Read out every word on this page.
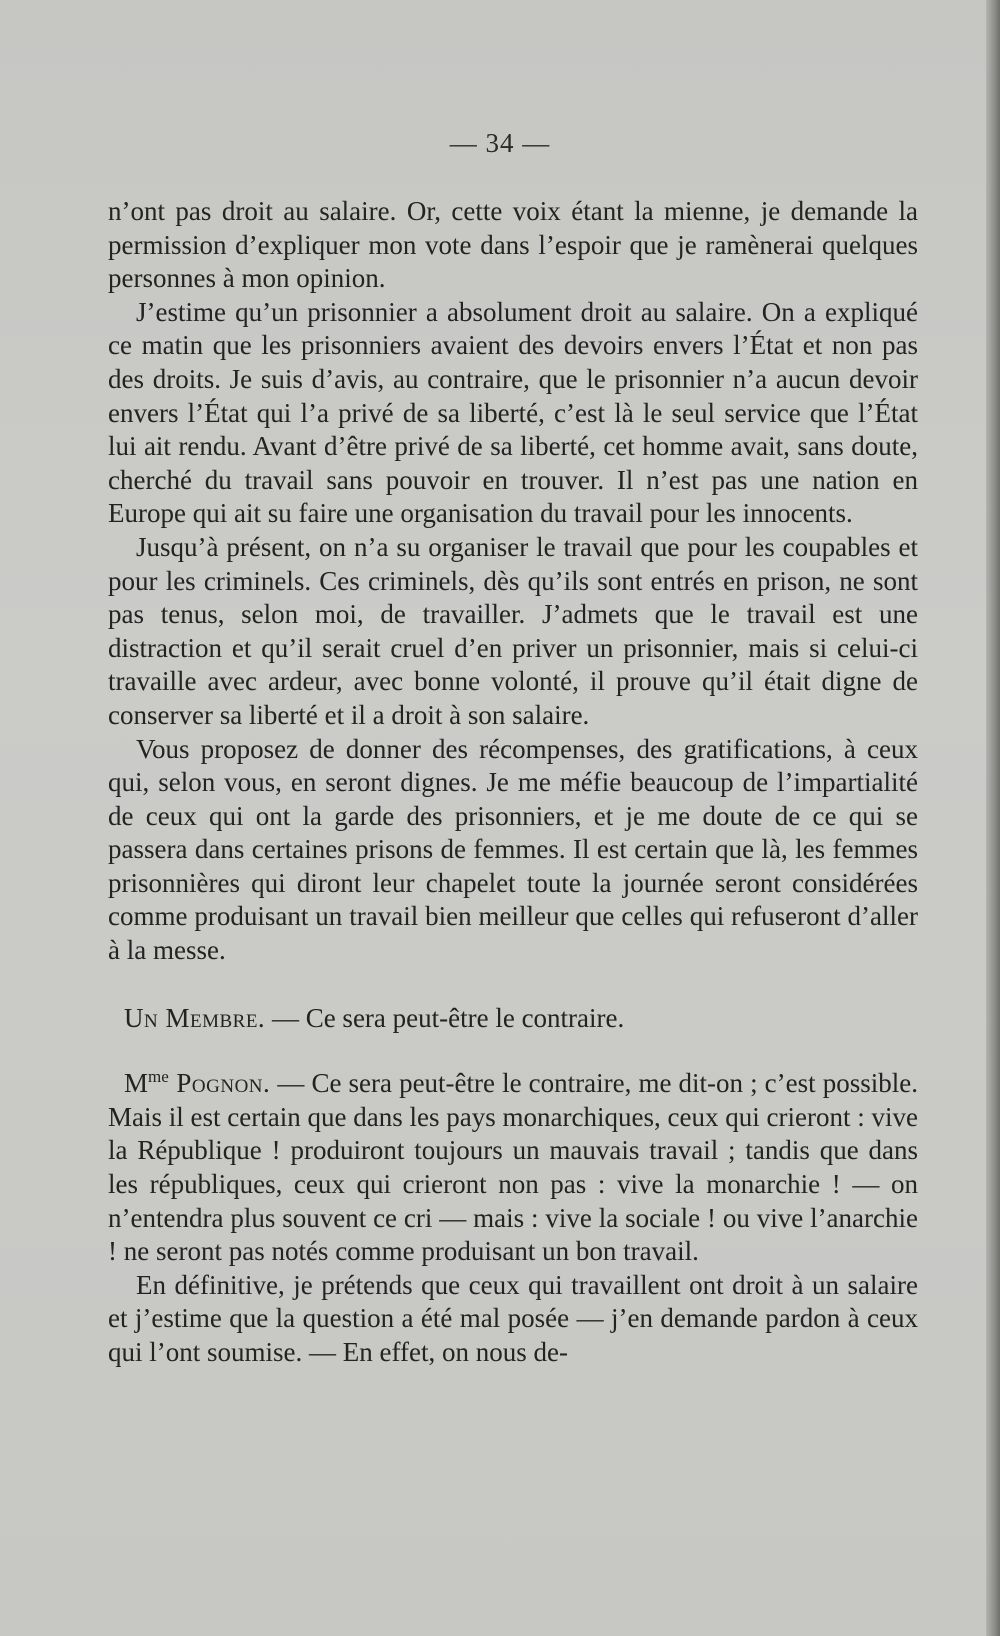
— 34 —

n’ont pas droit au salaire. Or, cette voix étant la mienne, je demande la permission d’expliquer mon vote dans l’espoir que je ramènerai quelques personnes à mon opinion.

J’estime qu’un prisonnier a absolument droit au salaire. On a expliqué ce matin que les prisonniers avaient des devoirs envers l’État et non pas des droits. Je suis d’avis, au contraire, que le prisonnier n’a aucun devoir envers l’État qui l’a privé de sa liberté, c’est là le seul service que l’État lui ait rendu. Avant d’être privé de sa liberté, cet homme avait, sans doute, cherché du travail sans pouvoir en trouver. Il n’est pas une nation en Europe qui ait su faire une organisation du travail pour les innocents.

Jusqu’à présent, on n’a su organiser le travail que pour les coupables et pour les criminels. Ces criminels, dès qu’ils sont entrés en prison, ne sont pas tenus, selon moi, de travailler. J’admets que le travail est une distraction et qu’il serait cruel d’en priver un prisonnier, mais si celui-ci travaille avec ardeur, avec bonne volonté, il prouve qu’il était digne de conserver sa liberté et il a droit à son salaire.

Vous proposez de donner des récompenses, des gratifications, à ceux qui, selon vous, en seront dignes. Je me méfie beaucoup de l’impartialité de ceux qui ont la garde des prisonniers, et je me doute de ce qui se passera dans certaines prisons de femmes. Il est certain que là, les femmes prisonnières qui diront leur chapelet toute la journée seront considérées comme produisant un travail bien meilleur que celles qui refuseront d’aller à la messe.

Un Membre. — Ce sera peut-être le contraire.

$M^{me}$ Pognon. — Ce sera peut-être le contraire, me dit-on ; c’est possible. Mais il est certain que dans les pays monarchiques, ceux qui crieront : vive la République ! produiront toujours un mauvais travail ; tandis que dans les républiques, ceux qui crieront non pas : vive la monarchie ! — on n’entendra plus souvent ce cri — mais : vive la sociale ! ou vive l’anarchie ! ne seront pas notés comme produisant un bon travail.

En définitive, je prétends que ceux qui travaillent ont droit à un salaire et j’estime que la question a été mal posée — j’en demande pardon à ceux qui l’ont soumise. — En effet, on nous de-
